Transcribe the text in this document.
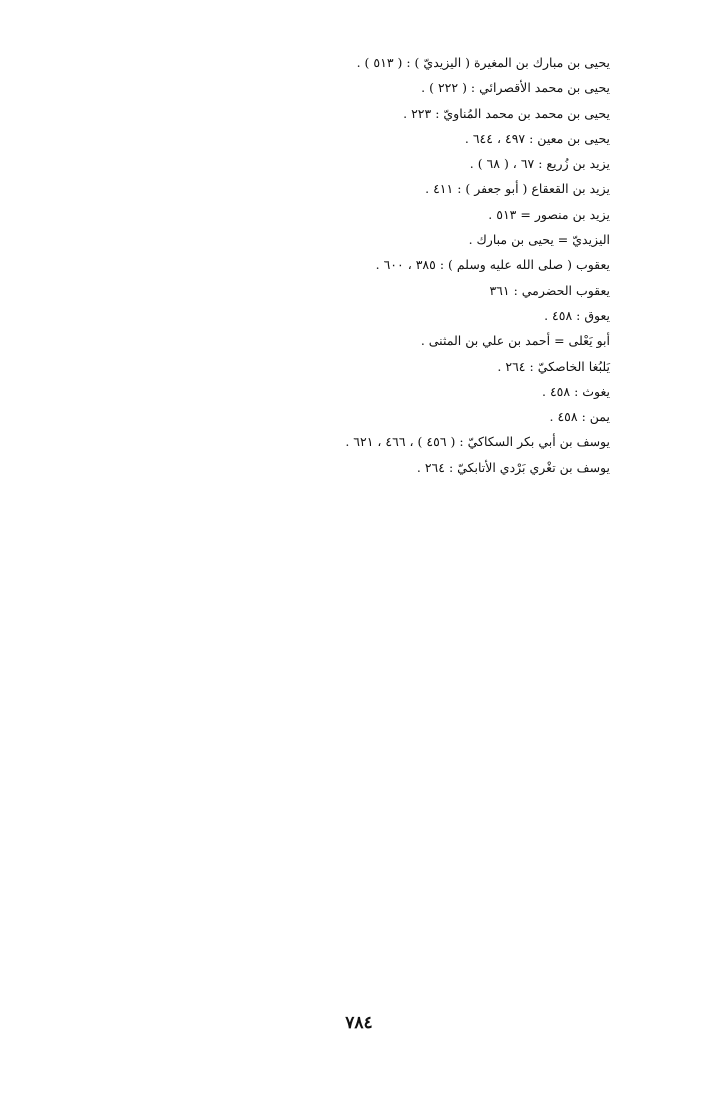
يحيى بن مبارك بن المغيرة ( اليزيديّ ) : ( ٥١٣ ) .
يحيى بن محمد الأقصرائي : ( ٢٢٢ ) .
يحيى بن محمد بن محمد المُناويّ : ٢٢٣ .
يحيى بن معين : ٤٩٧ ، ٦٤٤ .
يزيد بن زُريع : ٦٧ ، ( ٦٨ ) .
يزيد بن القعقاع ( أبو جعفر ) : ٤١١ .
يزيد بن منصور = ٥١٣ .
اليزيديّ = يحيى بن مبارك .
يعقوب ( صلى الله عليه وسلم ) : ٣٨٥ ، ٦٠٠ .
يعقوب الحضرمي : ٣٦١
يعوق : ٤٥٨ .
أبو يَعْلى = أحمد بن علي بن المثنى .
يَلبُغا الخاصكيّ : ٢٦٤ .
يغوث : ٤٥٨ .
يمن : ٤٥٨ .
يوسف بن أبي بكر السكاكيّ : ( ٤٥٦ ) ، ٤٦٦ ، ٦٢١ .
يوسف بن تغْري بَرْدي الأتابكيّ : ٢٦٤ .
٧٨٤
